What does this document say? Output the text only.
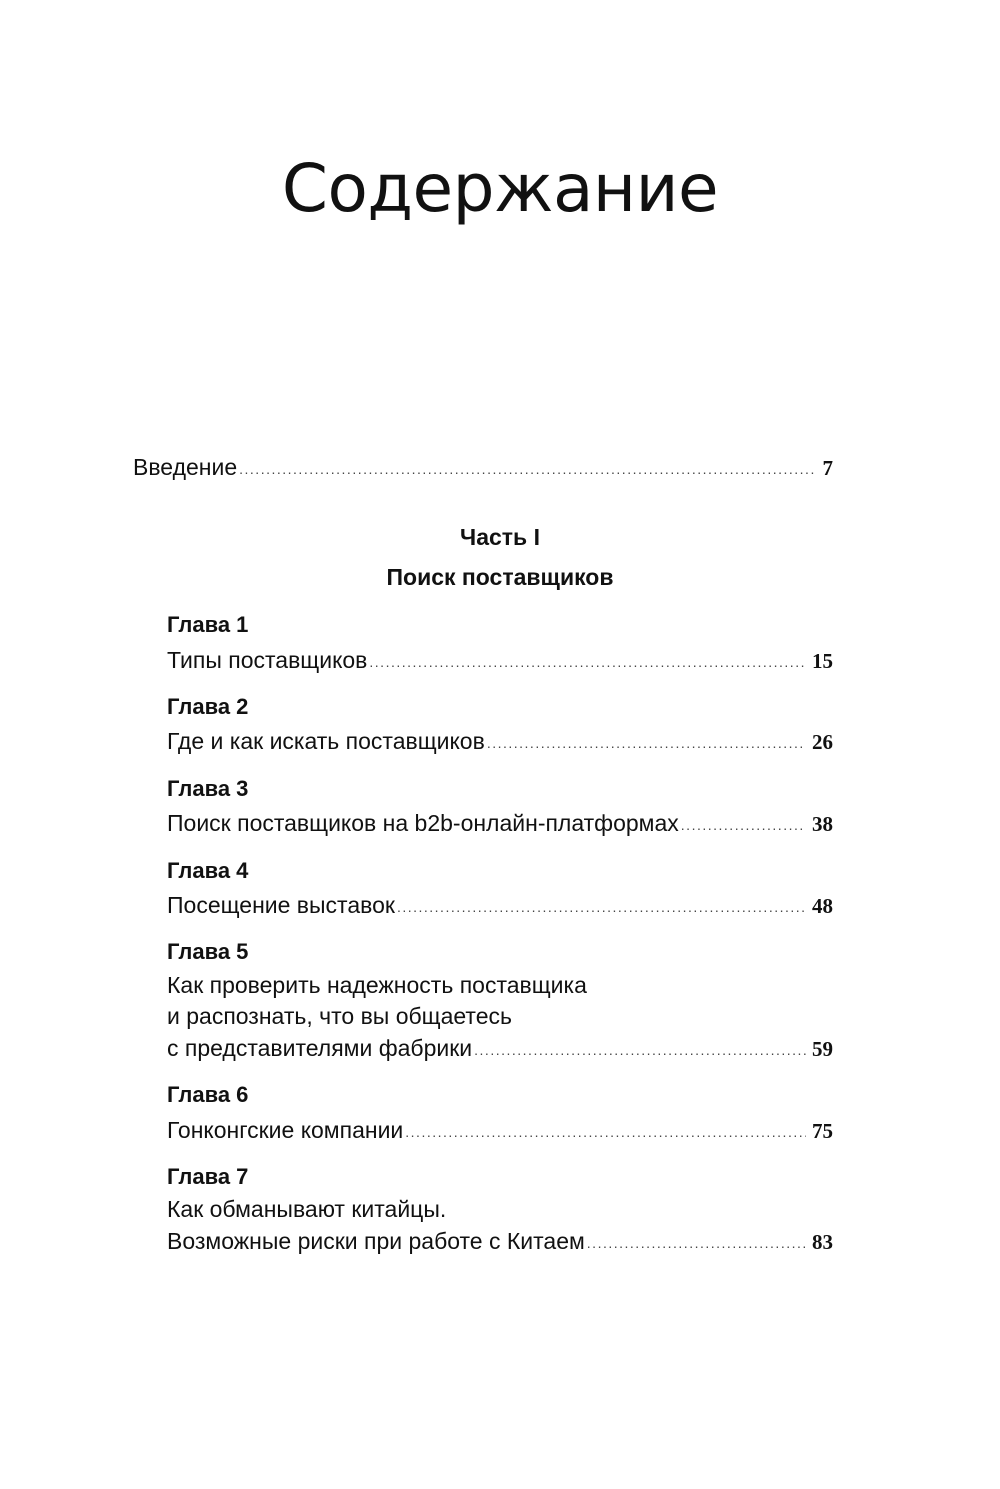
Содержание
Введение .....	7
Часть I
Поиск поставщиков
Глава 1
Типы поставщиков .....	15
Глава 2
Где и как искать поставщиков .....	26
Глава 3
Поиск поставщиков на b2b-онлайн-платформах .....	38
Глава 4
Посещение выставок .....	48
Глава 5
Как проверить надежность поставщика
и распознать, что вы общаетесь
с представителями фабрики .....	59
Глава 6
Гонконгские компании .....	75
Глава 7
Как обманывают китайцы.
Возможные риски при работе с Китаем .....	83
